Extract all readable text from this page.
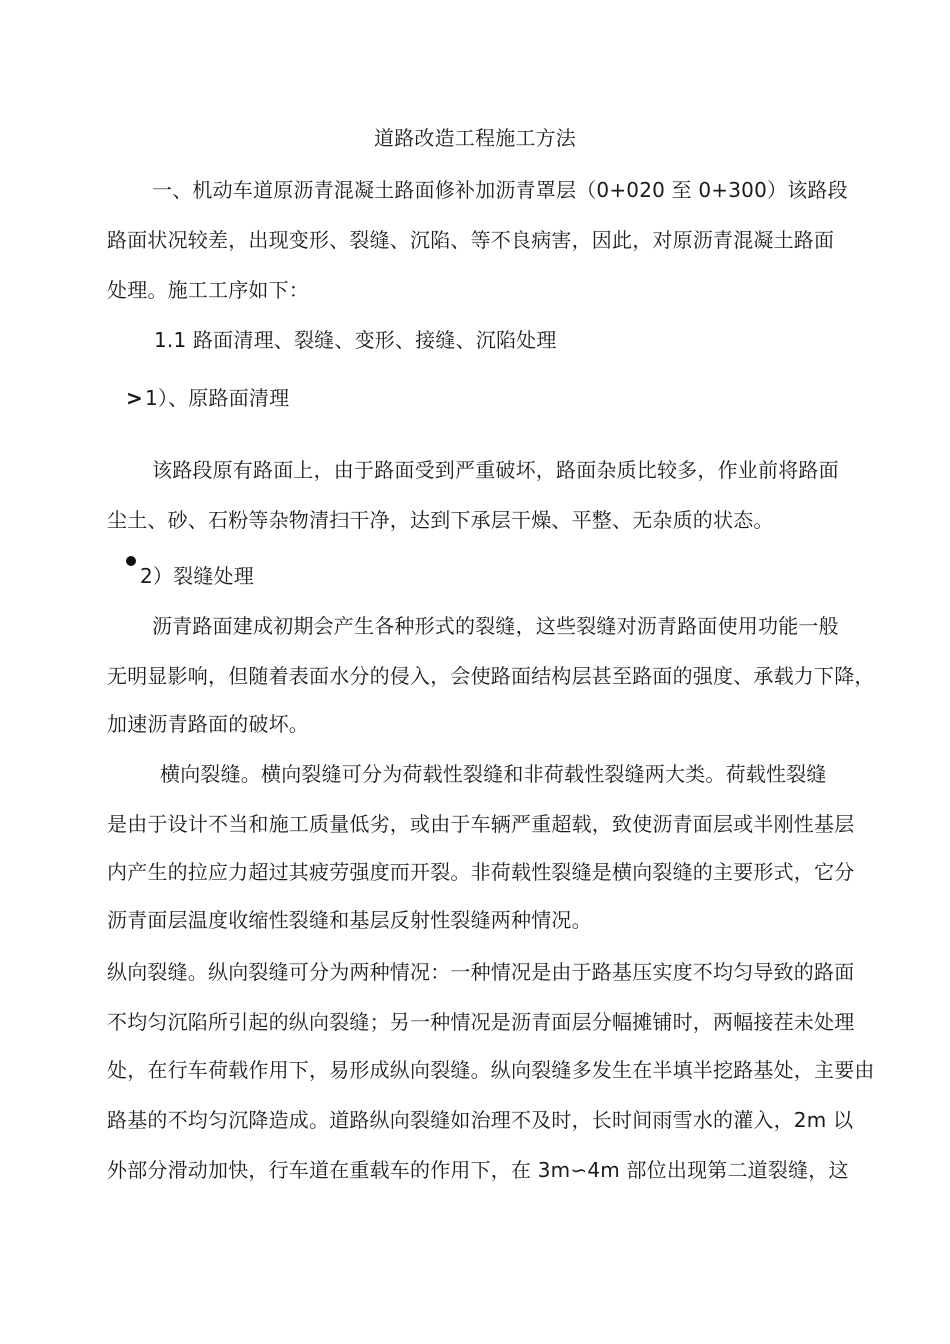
道路改造工程施工方法
一、机动车道原沥青混凝土路面修补加沥青罩层（0+020 至 0+300）该路段
路面状况较差，出现变形、裂缝、沉陷、等不良病害，因此，对原沥青混凝土路面
处理。施工工序如下：
1.1 路面清理、裂缝、变形、接缝、沉陷处理
> 1）、原路面清理
该路段原有路面上，由于路面受到严重破坏，路面杂质比较多，作业前将路面
尘土、砂、石粉等杂物清扫干净，达到下承层干燥、平整、无杂质的状态。
2）裂缝处理
沥青路面建成初期会产生各种形式的裂缝，这些裂缝对沥青路面使用功能一般
无明显影响，但随着表面水分的侵入，会使路面结构层甚至路面的强度、承载力下降，
加速沥青路面的破坏。
横向裂缝。横向裂缝可分为荷载性裂缝和非荷载性裂缝两大类。荷载性裂缝
是由于设计不当和施工质量低劣，或由于车辆严重超载，致使沥青面层或半刚性基层
内产生的拉应力超过其疲劳强度而开裂。非荷载性裂缝是横向裂缝的主要形式，它分
沥青面层温度收缩性裂缝和基层反射性裂缝两种情况。
纵向裂缝。纵向裂缝可分为两种情况：一种情况是由于路基压实度不均匀导致的路面
不均匀沉陷所引起的纵向裂缝；另一种情况是沥青面层分幅摊铺时，两幅接茬未处理
处，在行车荷载作用下，易形成纵向裂缝。纵向裂缝多发生在半填半挖路基处，主要由
路基的不均匀沉降造成。道路纵向裂缝如治理不及时，长时间雨雪水的灌入，2m 以
外部分滑动加快，行车道在重载车的作用下，在 3m∽4m 部位出现第二道裂缝，这
